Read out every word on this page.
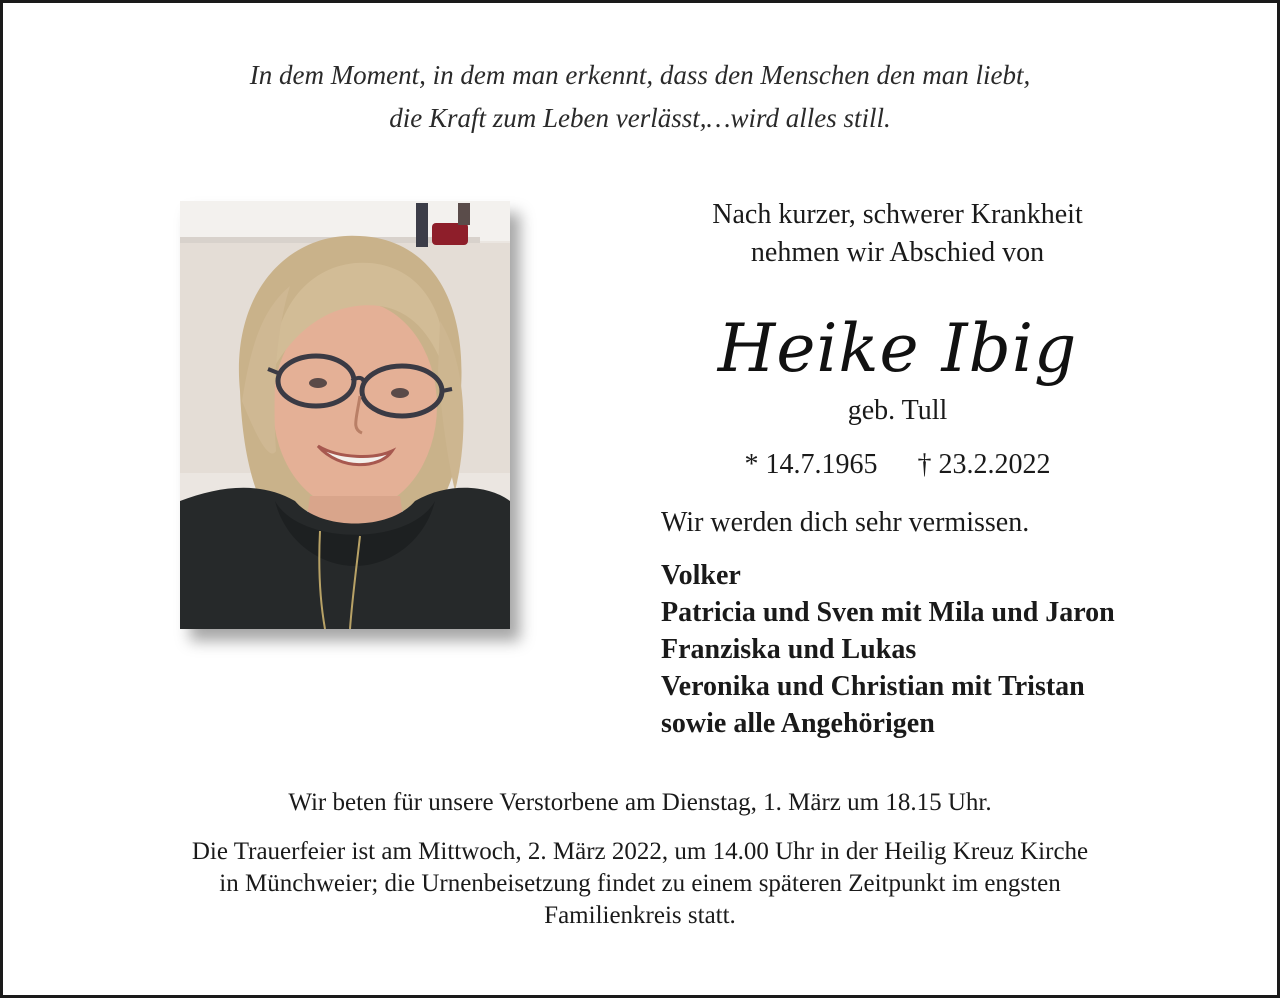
In dem Moment, in dem man erkennt, dass den Menschen den man liebt,
die Kraft zum Leben verlässt,…wird alles still.
Nach kurzer, schwerer Krankheit
nehmen wir Abschied von
Heike Ibig
geb. Tull
* 14.7.1965 † 23.2.2022
Wir werden dich sehr vermissen.
Volker
Patricia und Sven mit Mila und Jaron
Franziska und Lukas
Veronika und Christian mit Tristan
sowie alle Angehörigen
Wir beten für unsere Verstorbene am Dienstag, 1. März um 18.15 Uhr.
Die Trauerfeier ist am Mittwoch, 2. März 2022, um 14.00 Uhr in der Heilig Kreuz Kirche
in Münchweier; die Urnenbeisetzung findet zu einem späteren Zeitpunkt im engsten
Familienkreis statt.
